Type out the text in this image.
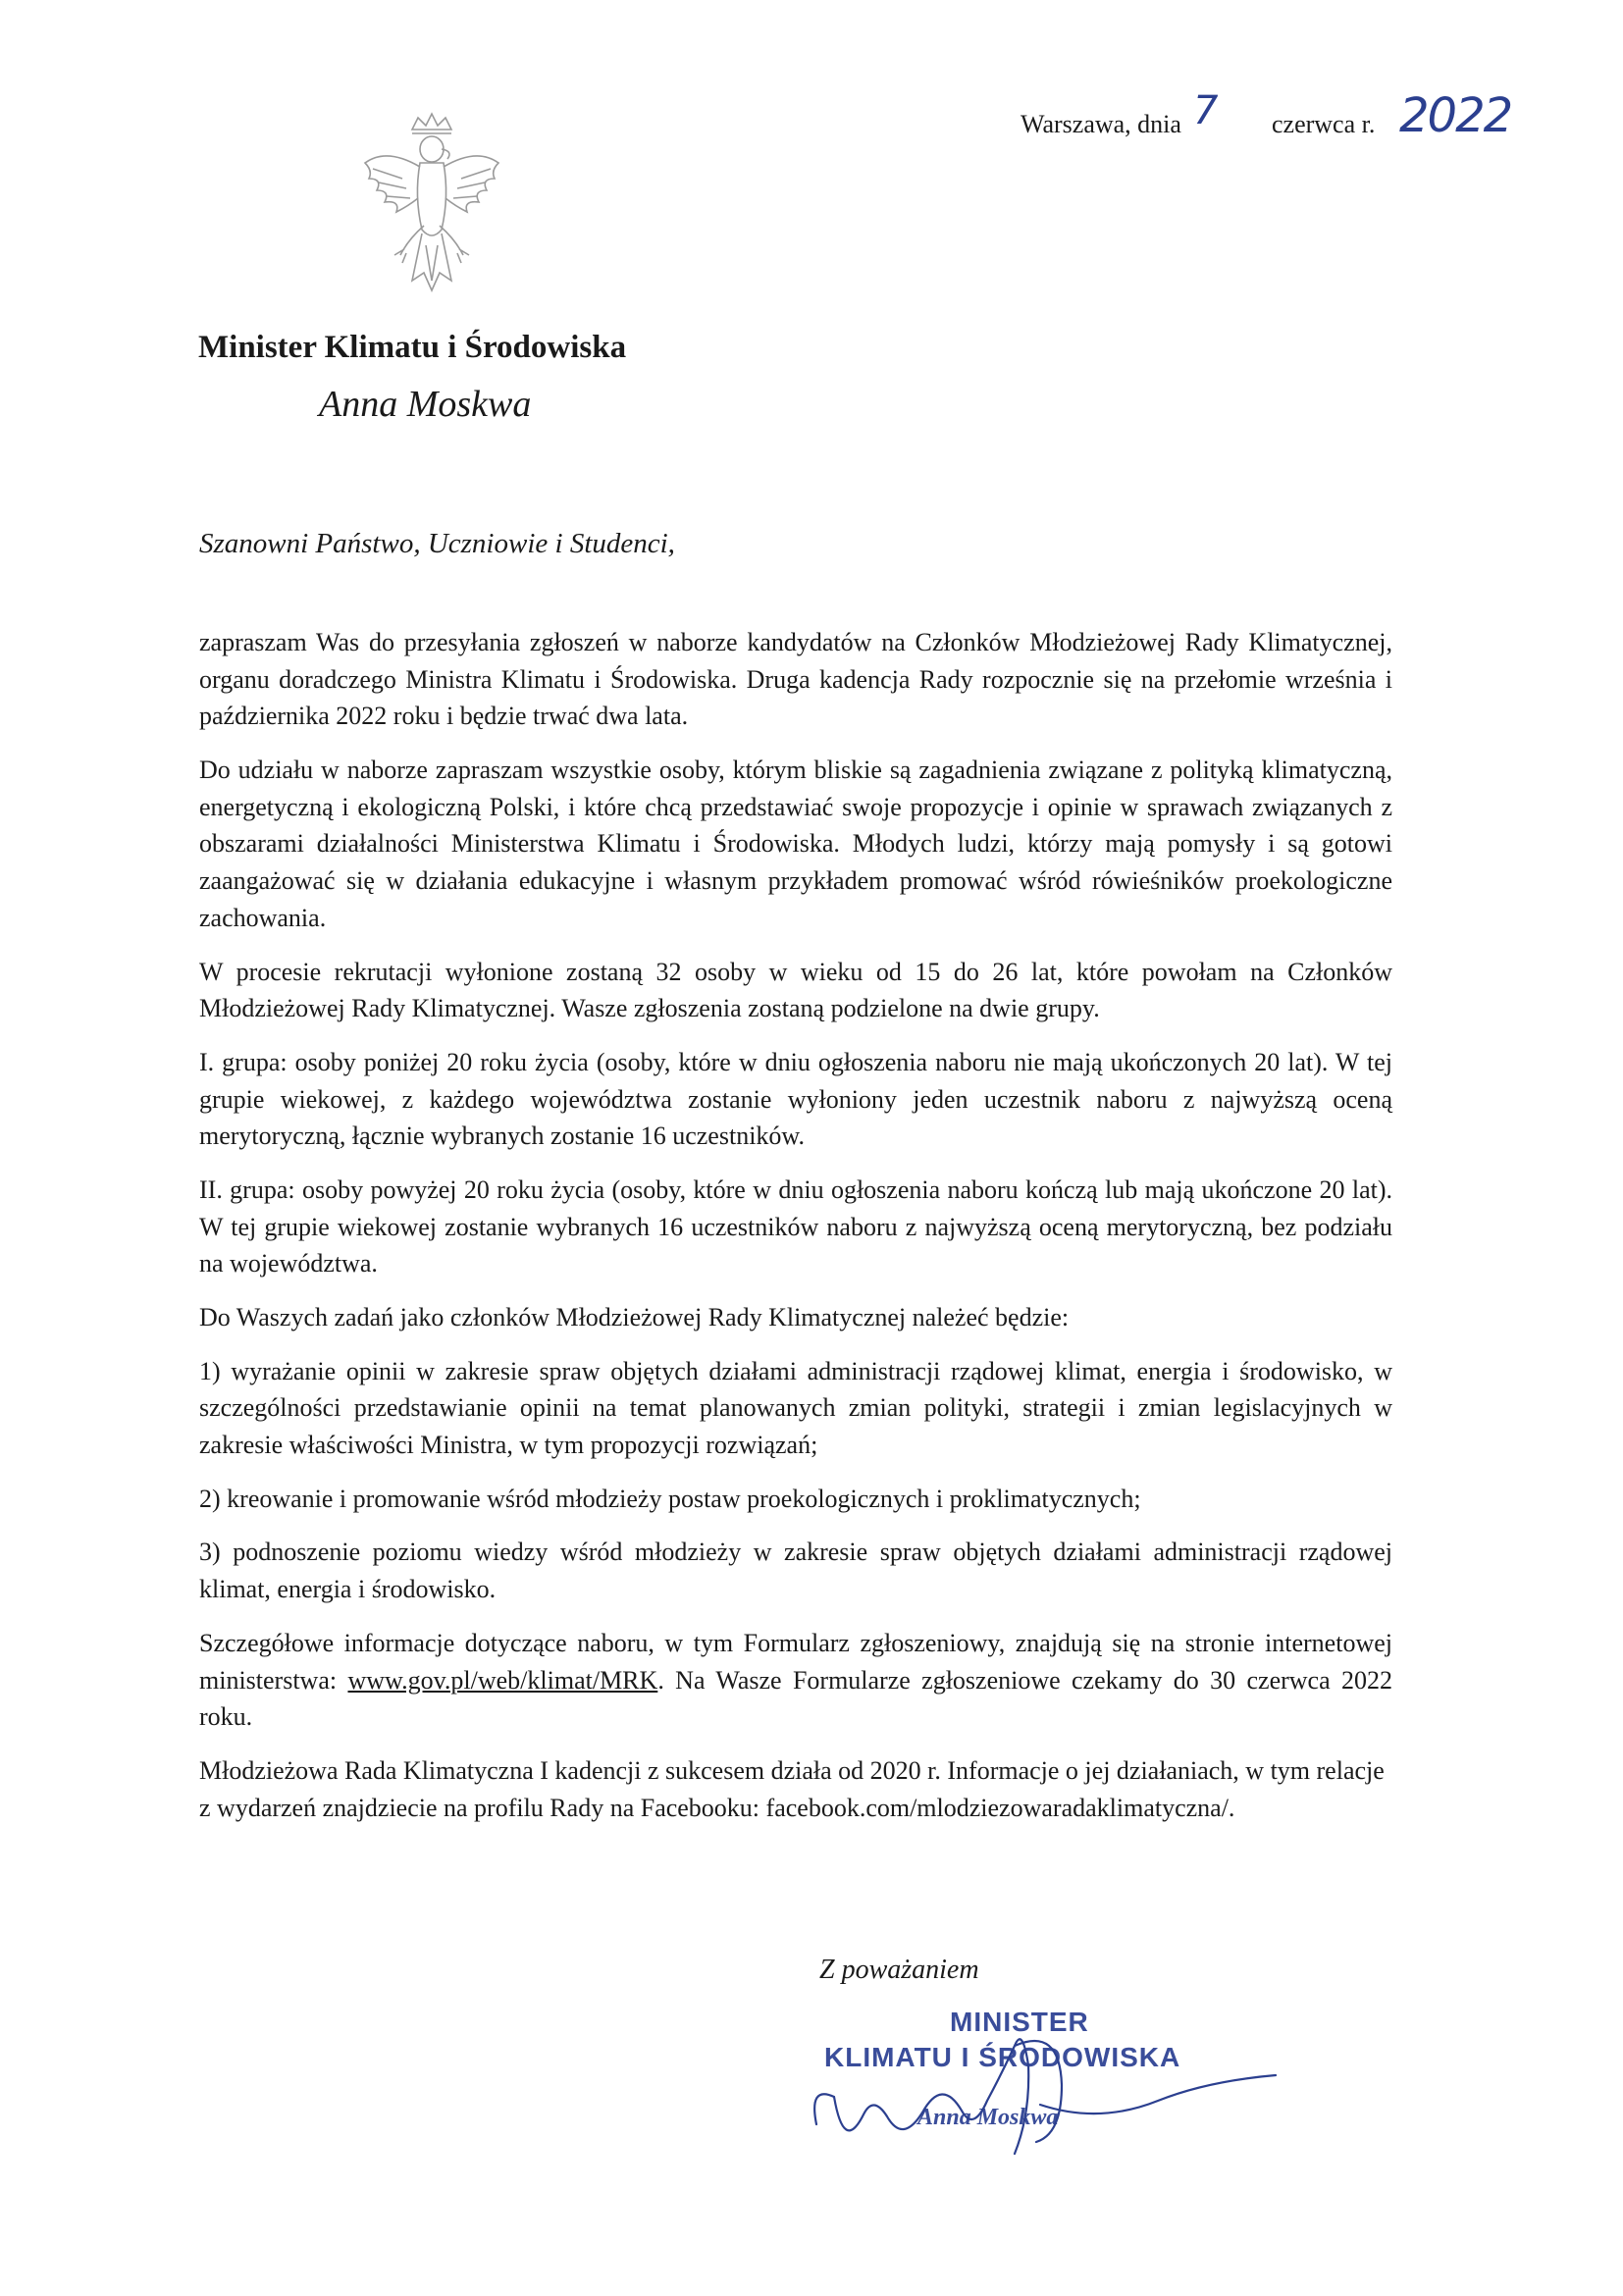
Warszawa, dnia 7 czerwca r. 2022
Minister Klimatu i Środowiska
Anna Moskwa
Szanowni Państwo, Uczniowie i Studenci,

zapraszam Was do przesyłania zgłoszeń w naborze kandydatów na Członków Młodzieżowej Rady Klimatycznej, organu doradczego Ministra Klimatu i Środowiska. Druga kadencja Rady rozpocznie się na przełomie września i października 2022 roku i będzie trwać dwa lata.

Do udziału w naborze zapraszam wszystkie osoby, którym bliskie są zagadnienia związane z polityką klimatyczną, energetyczną i ekologiczną Polski, i które chcą przedstawiać swoje propozycje i opinie w sprawach związanych z obszarami działalności Ministerstwa Klimatu i Środowiska. Młodych ludzi, którzy mają pomysły i są gotowi zaangażować się w działania edukacyjne i własnym przykładem promować wśród rówieśników proekologiczne zachowania.

W procesie rekrutacji wyłonione zostaną 32 osoby w wieku od 15 do 26 lat, które powołam na Członków Młodzieżowej Rady Klimatycznej. Wasze zgłoszenia zostaną podzielone na dwie grupy.

I. grupa: osoby poniżej 20 roku życia (osoby, które w dniu ogłoszenia naboru nie mają ukończonych 20 lat). W tej grupie wiekowej, z każdego województwa zostanie wyłoniony jeden uczestnik naboru z najwyższą oceną merytoryczną, łącznie wybranych zostanie 16 uczestników.

II. grupa: osoby powyżej 20 roku życia (osoby, które w dniu ogłoszenia naboru kończą lub mają ukończone 20 lat). W tej grupie wiekowej zostanie wybranych 16 uczestników naboru z najwyższą oceną merytoryczną, bez podziału na województwa.

Do Waszych zadań jako członków Młodzieżowej Rady Klimatycznej należeć będzie:

1) wyrażanie opinii w zakresie spraw objętych działami administracji rządowej klimat, energia i środowisko, w szczególności przedstawianie opinii na temat planowanych zmian polityki, strategii i zmian legislacyjnych w zakresie właściwości Ministra, w tym propozycji rozwiązań;

2) kreowanie i promowanie wśród młodzieży postaw proekologicznych i proklimatycznych;

3) podnoszenie poziomu wiedzy wśród młodzieży w zakresie spraw objętych działami administracji rządowej klimat, energia i środowisko.

Szczegółowe informacje dotyczące naboru, w tym Formularz zgłoszeniowy, znajdują się na stronie internetowej ministerstwa: www.gov.pl/web/klimat/MRK. Na Wasze Formularze zgłoszeniowe czekamy do 30 czerwca 2022 roku.

Młodzieżowa Rada Klimatyczna I kadencji z sukcesem działa od 2020 r. Informacje o jej działaniach, w tym relacje z wydarzeń znajdziecie na profilu Rady na Facebooku: facebook.com/mlodziezowaradaklimatyczna/.

Z poważaniem
MINISTER
KLIMATU I ŚRODOWISKA
Anna Moskwa
